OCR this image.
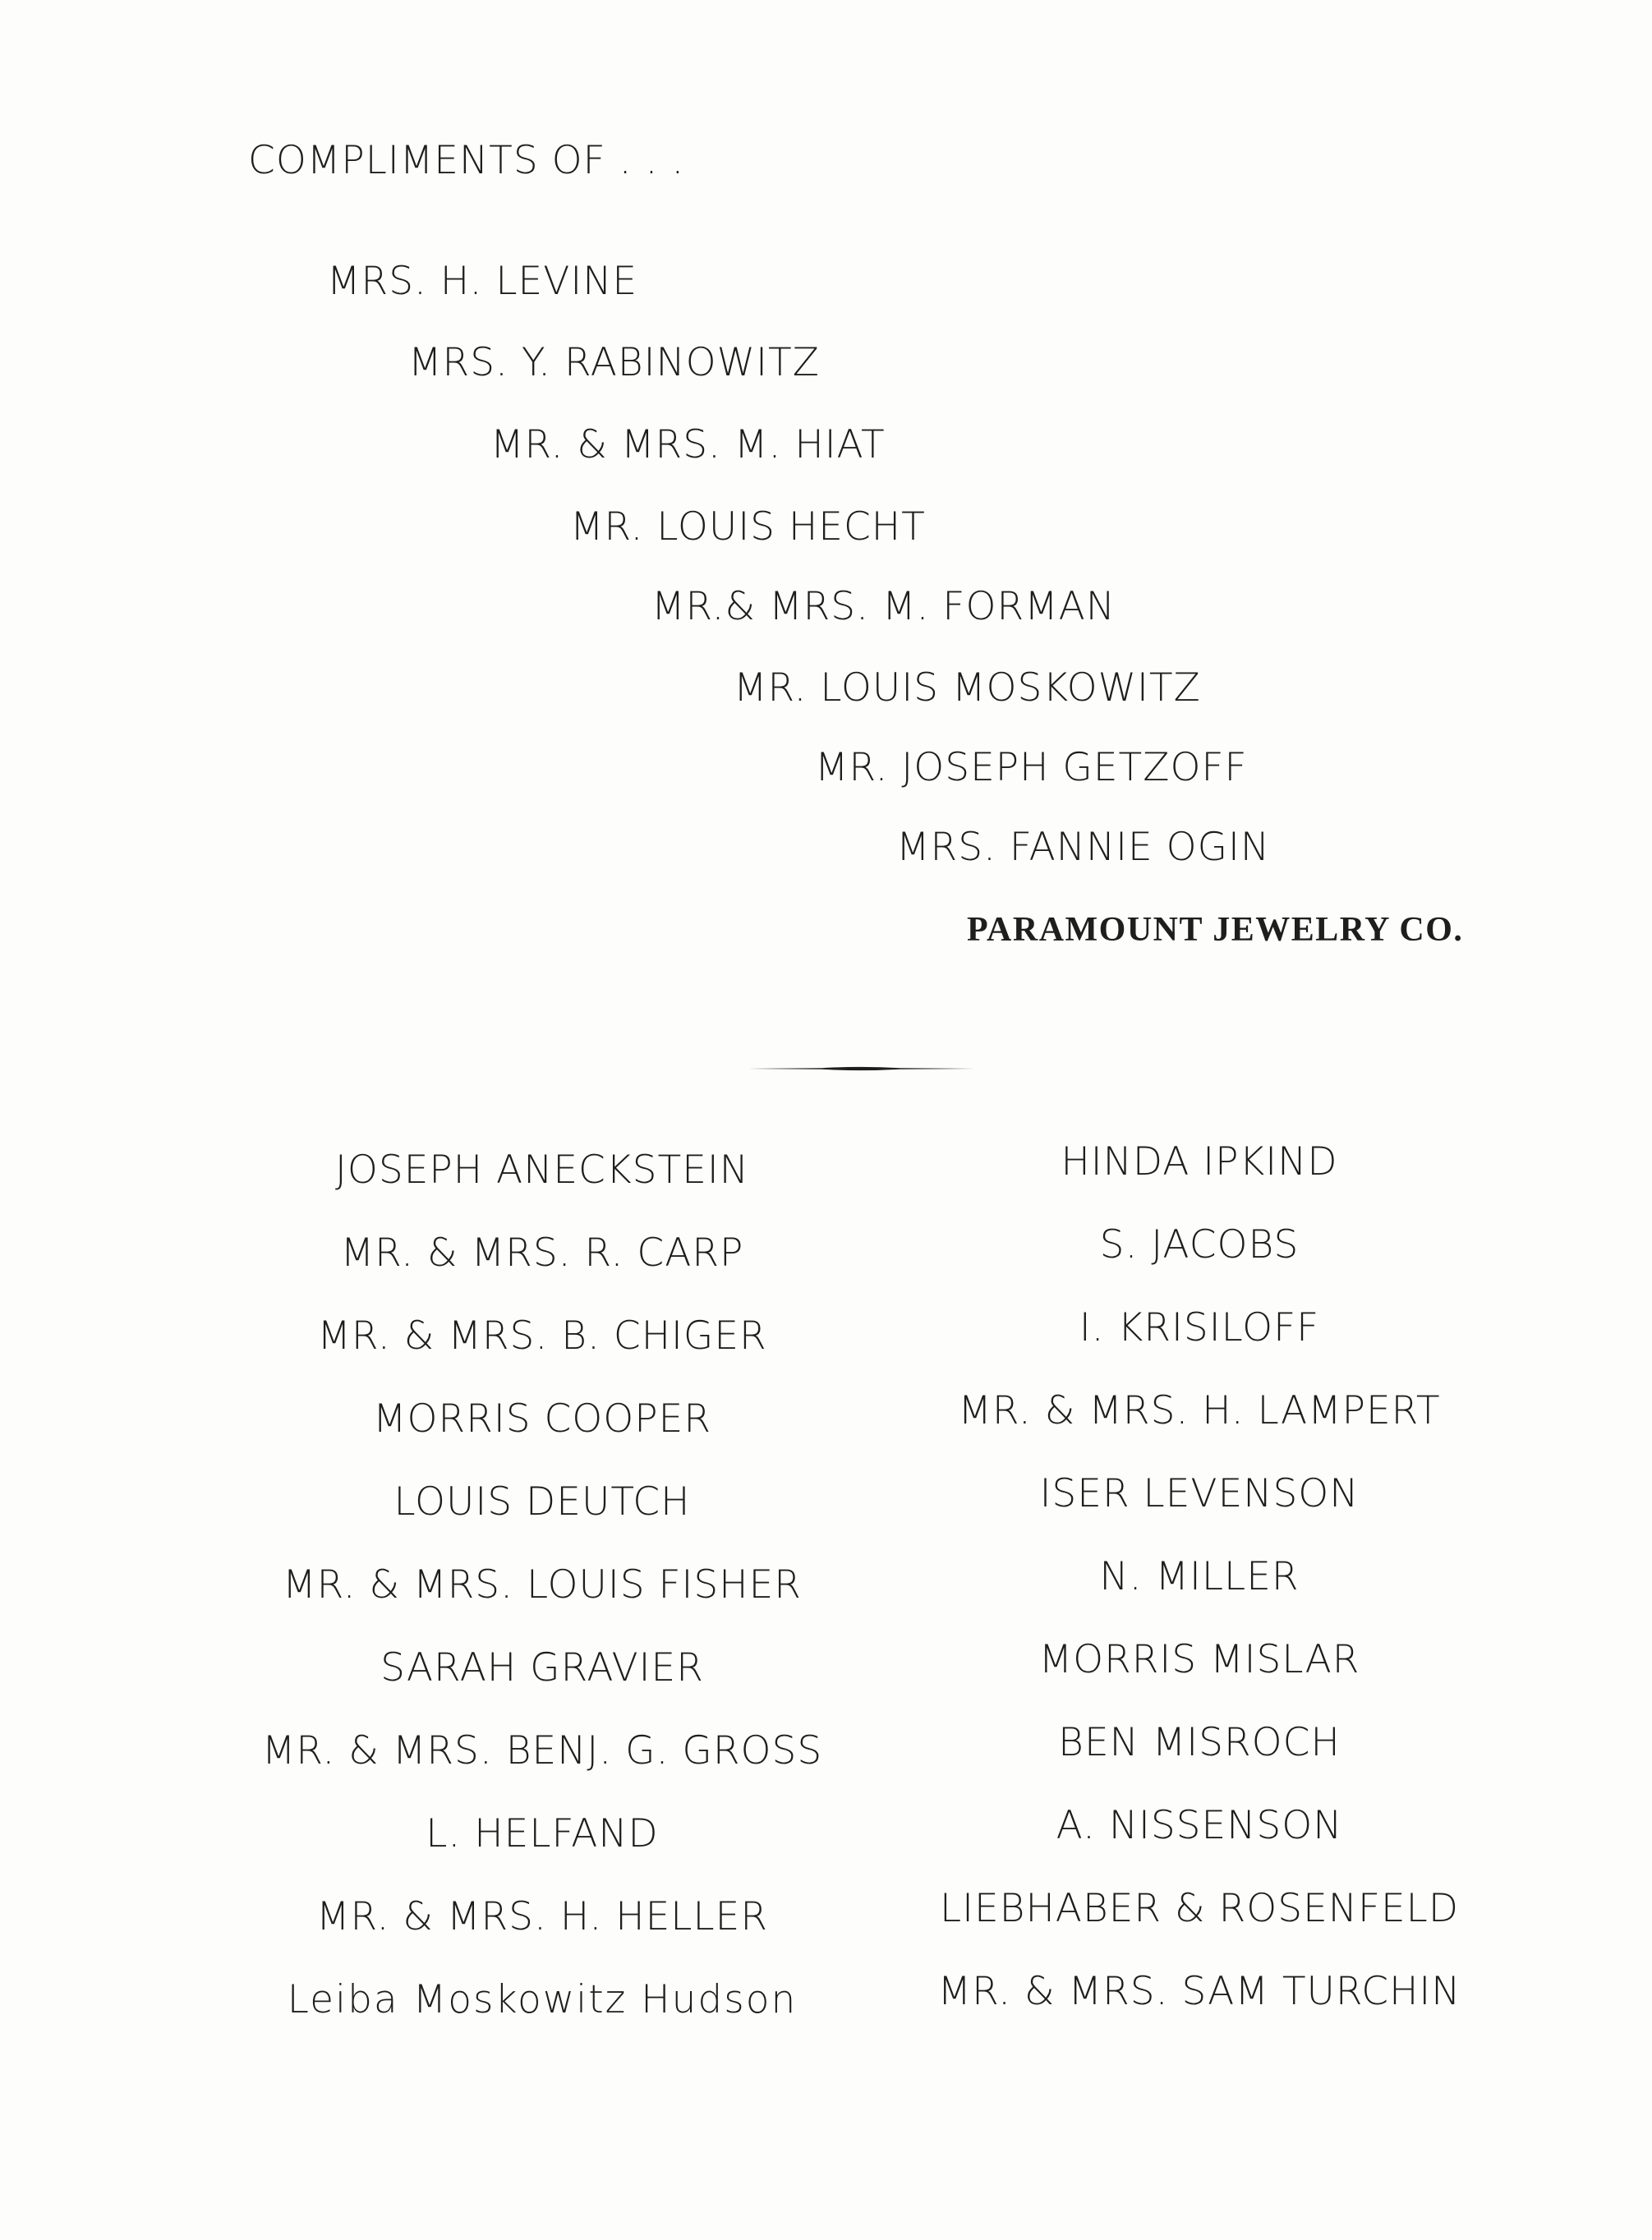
COMPLIMENTS OF . . .
MRS. H. LEVINE
MRS. Y. RABINOWITZ
MR. & MRS. M. HIAT
MR. LOUIS HECHT
MR.& MRS. M. FORMAN
MR. LOUIS MOSKOWITZ
MR. JOSEPH GETZOFF
MRS. FANNIE OGIN
PARAMOUNT JEWELRY CO.
JOSEPH ANECKSTEIN
MR. & MRS. R. CARP
MR. & MRS. B. CHIGER
MORRIS COOPER
LOUIS DEUTCH
MR. & MRS. LOUIS FISHER
SARAH GRAVIER
MR. & MRS. BENJ. G. GROSS
L. HELFAND
MR. & MRS. H. HELLER
Leiba Moskowitz Hudson
HINDA IPKIND
S. JACOBS
I. KRISILOFF
MR. & MRS. H. LAMPERT
ISER LEVENSON
N. MILLER
MORRIS MISLAR
BEN MISROCH
A. NISSENSON
LIEBHABER & ROSENFELD
MR. & MRS. SAM TURCHIN
